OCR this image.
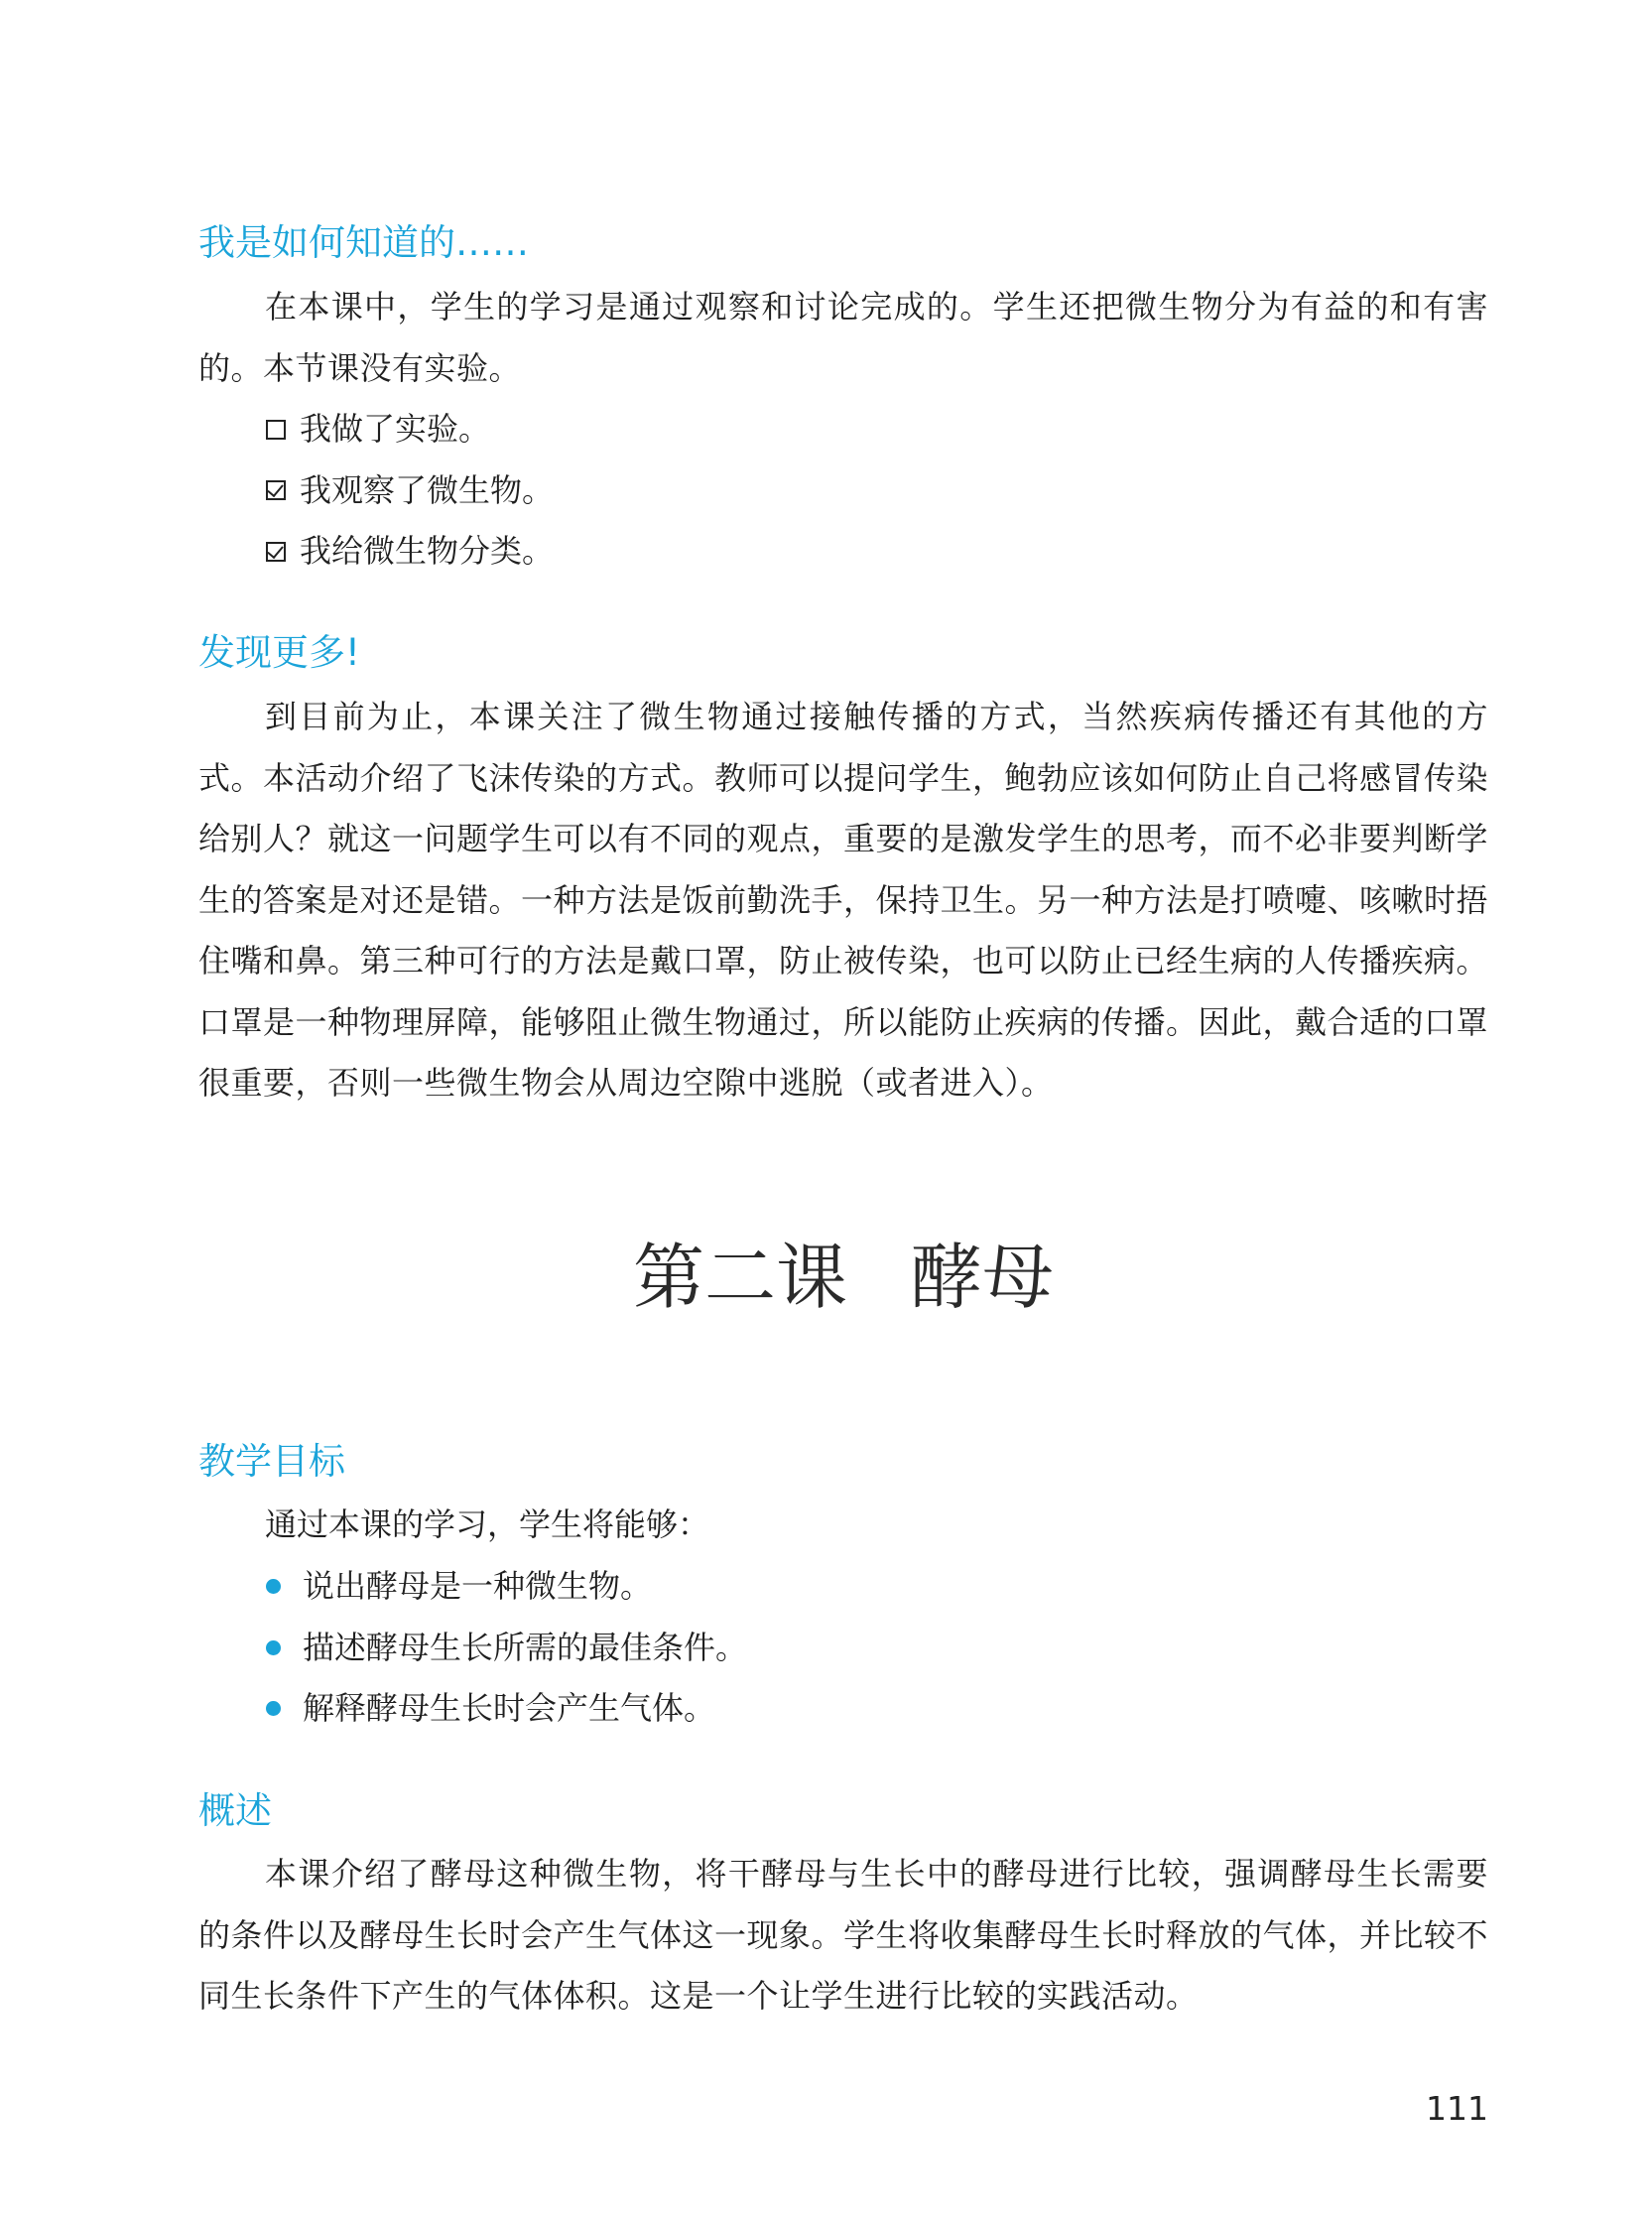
我是如何知道的……

在本课中，学生的学习是通过观察和讨论完成的。学生还把微生物分为有益的和有害的。本节课没有实验。

我做了实验。
我观察了微生物。
我给微生物分类。
发现更多!

到目前为止，本课关注了微生物通过接触传播的方式，当然疾病传播还有其他的方式。本活动介绍了飞沫传染的方式。教师可以提问学生，鲍勃应该如何防止自己将感冒传染给别人？就这一问题学生可以有不同的观点，重要的是激发学生的思考，而不必非要判断学生的答案是对还是错。一种方法是饭前勤洗手，保持卫生。另一种方法是打喷嚏、咳嗽时捂住嘴和鼻。第三种可行的方法是戴口罩，防止被传染，也可以防止已经生病的人传播疾病。口罩是一种物理屏障，能够阻止微生物通过，所以能防止疾病的传播。因此，戴合适的口罩很重要，否则一些微生物会从周边空隙中逃脱（或者进入）。

第二课 酵母
教学目标

通过本课的学习，学生将能够：

说出酵母是一种微生物。
描述酵母生长所需的最佳条件。
解释酵母生长时会产生气体。
概述

本课介绍了酵母这种微生物，将干酵母与生长中的酵母进行比较，强调酵母生长需要的条件以及酵母生长时会产生气体这一现象。学生将收集酵母生长时释放的气体，并比较不同生长条件下产生的气体体积。这是一个让学生进行比较的实践活动。

111
